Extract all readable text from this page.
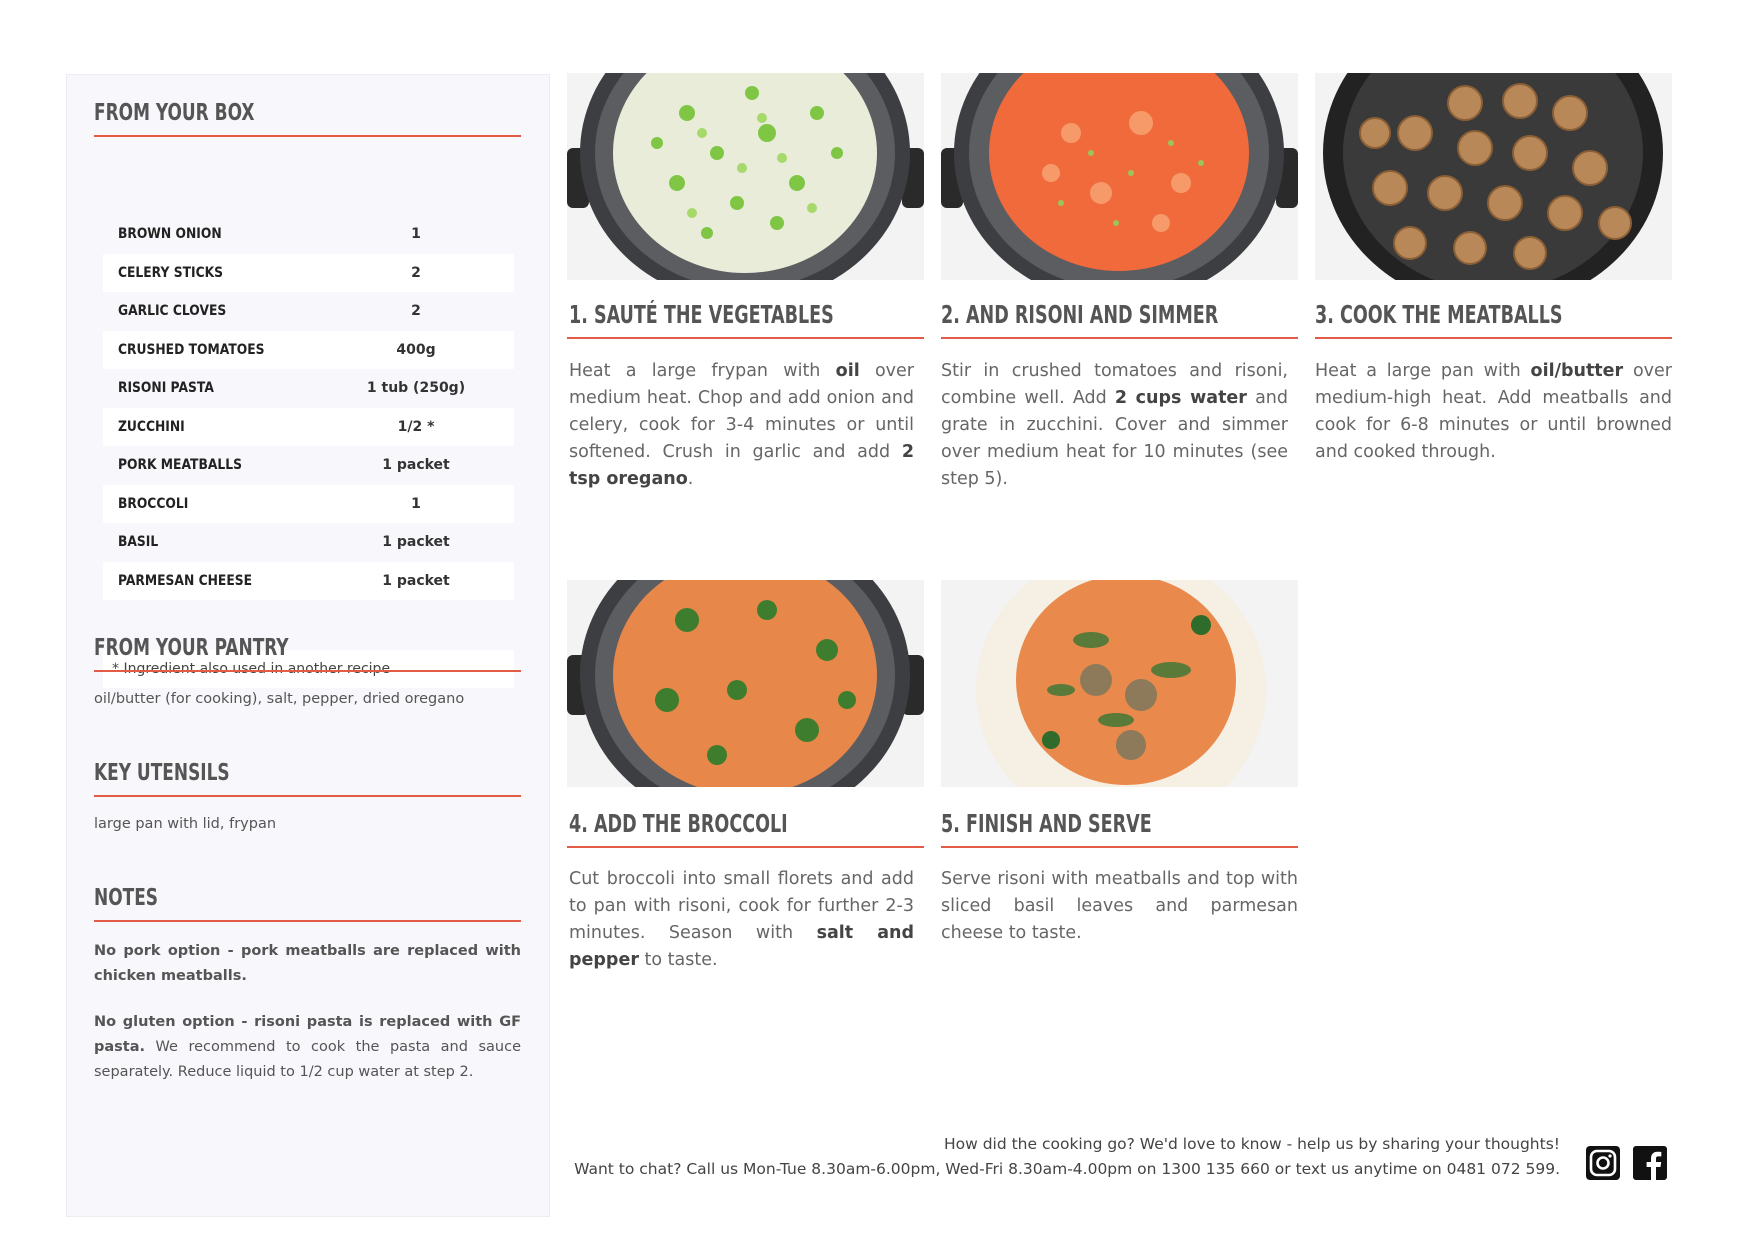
FROM YOUR BOX
BROWN ONION	1
CELERY STICKS	2
GARLIC CLOVES	2
CRUSHED TOMATOES	400g
RISONI PASTA	1 tub (250g)
ZUCCHINI	1/2 *
PORK MEATBALLS	1 packet
BROCCOLI	1
BASIL	1 packet
PARMESAN CHEESE	1 packet
* Ingredient also used in another recipe
FROM YOUR PANTRY
oil/butter (for cooking), salt, pepper, dried oregano
KEY UTENSILS
large pan with lid, frypan
NOTES

No pork option - pork meatballs are replaced with chicken meatballs.

No gluten option - risoni pasta is replaced with GF pasta. We recommend to cook the pasta and sauce separately. Reduce liquid to 1/2 cup water at step 2.

1. SAUTÉ THE VEGETABLES

Heat a large frypan with oil over medium heat. Chop and add onion and celery, cook for 3-4 minutes or until softened. Crush in garlic and add 2 tsp oregano.

2. AND RISONI AND SIMMER

Stir in crushed tomatoes and risoni, combine well. Add 2 cups water and grate in zucchini. Cover and simmer over medium heat for 10 minutes (see step 5).

3. COOK THE MEATBALLS

Heat a large pan with oil/butter over medium-high heat. Add meatballs and cook for 6-8 minutes or until browned and cooked through.

4. ADD THE BROCCOLI

Cut broccoli into small florets and add to pan with risoni, cook for further 2-3 minutes. Season with salt and pepper to taste.

5. FINISH AND SERVE

Serve risoni with meatballs and top with sliced basil leaves and parmesan cheese to taste.

How did the cooking go? We'd love to know - help us by sharing your thoughts!
Want to chat? Call us Mon-Tue 8.30am-6.00pm, Wed-Fri 8.30am-4.00pm on 1300 135 660 or text us anytime on 0481 072 599.
